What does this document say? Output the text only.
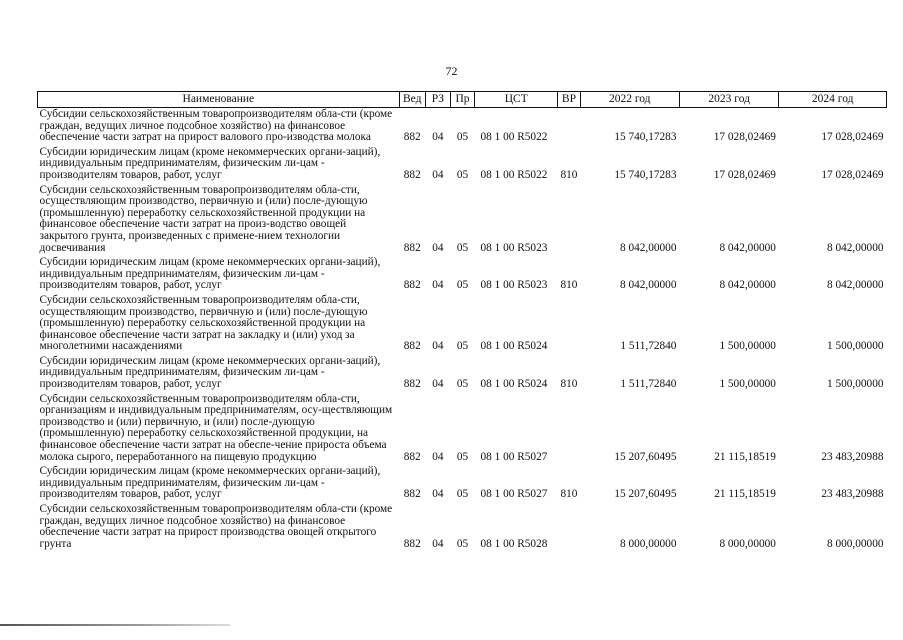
72
Наименование	Вед	РЗ	Пр	ЦСТ	ВР	2022 год	2023 год	2024 год
Субсидии сельскохозяйственным товаропроизводителям обла-сти (кроме граждан, ведущих личное подсобное хозяйство) на финансовое обеспечение части затрат на прирост валового про-изводства молока	882	04	05	08 1 00 R5022		15 740,17283	17 028,02469	17 028,02469
Субсидии юридическим лицам (кроме некоммерческих органи-заций), индивидуальным предпринимателям, физическим ли-цам - производителям товаров, работ, услуг	882	04	05	08 1 00 R5022	810	15 740,17283	17 028,02469	17 028,02469
Субсидии сельскохозяйственным товаропроизводителям обла-сти, осуществляющим производство, первичную и (или) после-дующую (промышленную) переработку сельскохозяйственной продукции на финансовое обеспечение части затрат на произ-водство овощей закрытого грунта, произведенных с примене-нием технологии досвечивания	882	04	05	08 1 00 R5023		8 042,00000	8 042,00000	8 042,00000
Субсидии юридическим лицам (кроме некоммерческих органи-заций), индивидуальным предпринимателям, физическим ли-цам - производителям товаров, работ, услуг	882	04	05	08 1 00 R5023	810	8 042,00000	8 042,00000	8 042,00000
Субсидии сельскохозяйственным товаропроизводителям обла-сти, осуществляющим производство, первичную и (или) после-дующую (промышленную) переработку сельскохозяйственной продукции на финансовое обеспечение части затрат на закладку и (или) уход за многолетними насаждениями	882	04	05	08 1 00 R5024		1 511,72840	1 500,00000	1 500,00000
Субсидии юридическим лицам (кроме некоммерческих органи-заций), индивидуальным предпринимателям, физическим ли-цам - производителям товаров, работ, услуг	882	04	05	08 1 00 R5024	810	1 511,72840	1 500,00000	1 500,00000
Субсидии сельскохозяйственным товаропроизводителям обла-сти, организациям и индивидуальным предпринимателям, осу-ществляющим производство и (или) первичную, и (или) после-дующую (промышленную) переработку сельскохозяйственной продукции, на финансовое обеспечение части затрат на обеспе-чение прироста объема молока сырого, переработанного на пищевую продукцию	882	04	05	08 1 00 R5027		15 207,60495	21 115,18519	23 483,20988
Субсидии юридическим лицам (кроме некоммерческих органи-заций), индивидуальным предпринимателям, физическим ли-цам - производителям товаров, работ, услуг	882	04	05	08 1 00 R5027	810	15 207,60495	21 115,18519	23 483,20988
Субсидии сельскохозяйственным товаропроизводителям обла-сти (кроме граждан, ведущих личное подсобное хозяйство) на финансовое обеспечение части затрат на прирост производства овощей открытого грунта	882	04	05	08 1 00 R5028		8 000,00000	8 000,00000	8 000,00000
